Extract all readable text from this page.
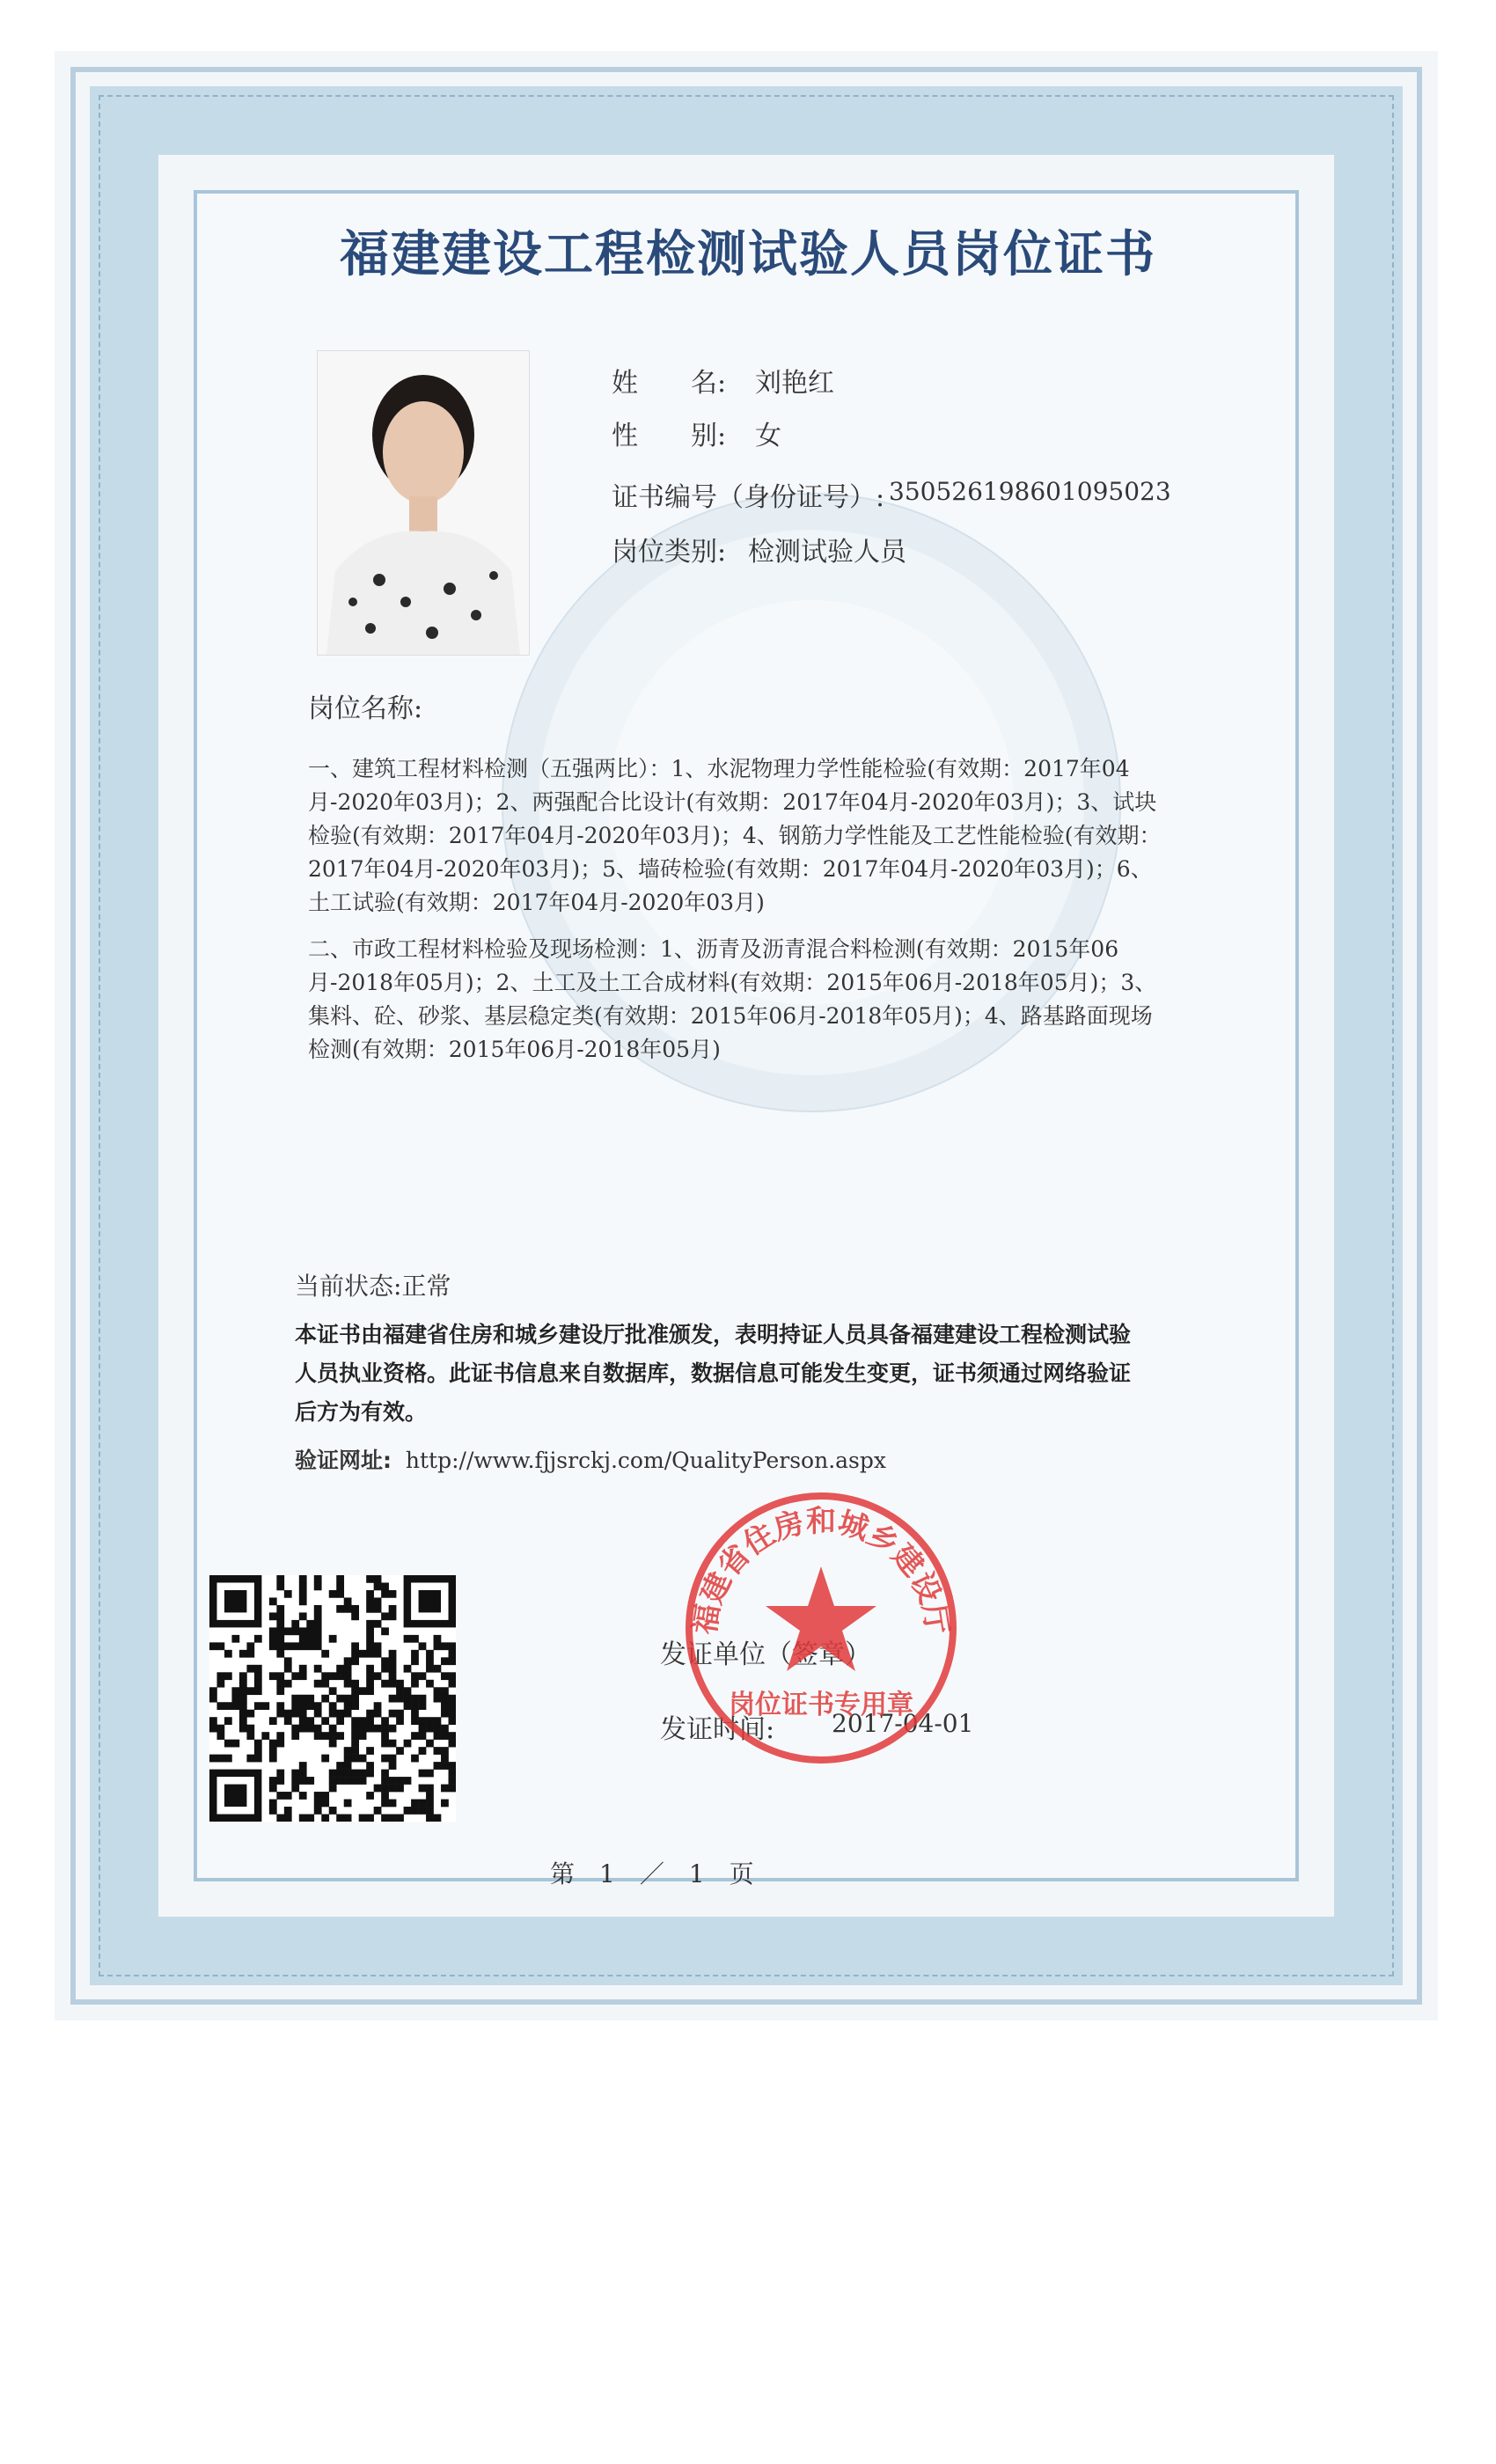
福建建设工程检测试验人员岗位证书
姓　　名: 刘艳红
性　　别: 女
证书编号（身份证号）: 350526198601095023
岗位类别: 检测试验人员
岗位名称:
一、建筑工程材料检测（五强两比）：1、水泥物理力学性能检验(有效期：2017年04月-2020年03月)；2、两强配合比设计(有效期：2017年04月-2020年03月)；3、试块检验(有效期：2017年04月-2020年03月)；4、钢筋力学性能及工艺性能检验(有效期：2017年04月-2020年03月)；5、墙砖检验(有效期：2017年04月-2020年03月)；6、土工试验(有效期：2017年04月-2020年03月)
二、市政工程材料检验及现场检测：1、沥青及沥青混合料检测(有效期：2015年06月-2018年05月)；2、土工及土工合成材料(有效期：2015年06月-2018年05月)；3、集料、砼、砂浆、基层稳定类(有效期：2015年06月-2018年05月)；4、路基路面现场检测(有效期：2015年06月-2018年05月)
当前状态:正常
本证书由福建省住房和城乡建设厅批准颁发，表明持证人员具备福建建设工程检测试验人员执业资格。此证书信息来自数据库，数据信息可能发生变更，证书须通过网络验证后方为有效。
验证网址: http://www.fjjsrckj.com/QualityPerson.aspx
发证单位（签章）
发证时间: 2017-04-01
福建省住房和城乡建设厅
岗位证书专用章
第　1　／　1　页
